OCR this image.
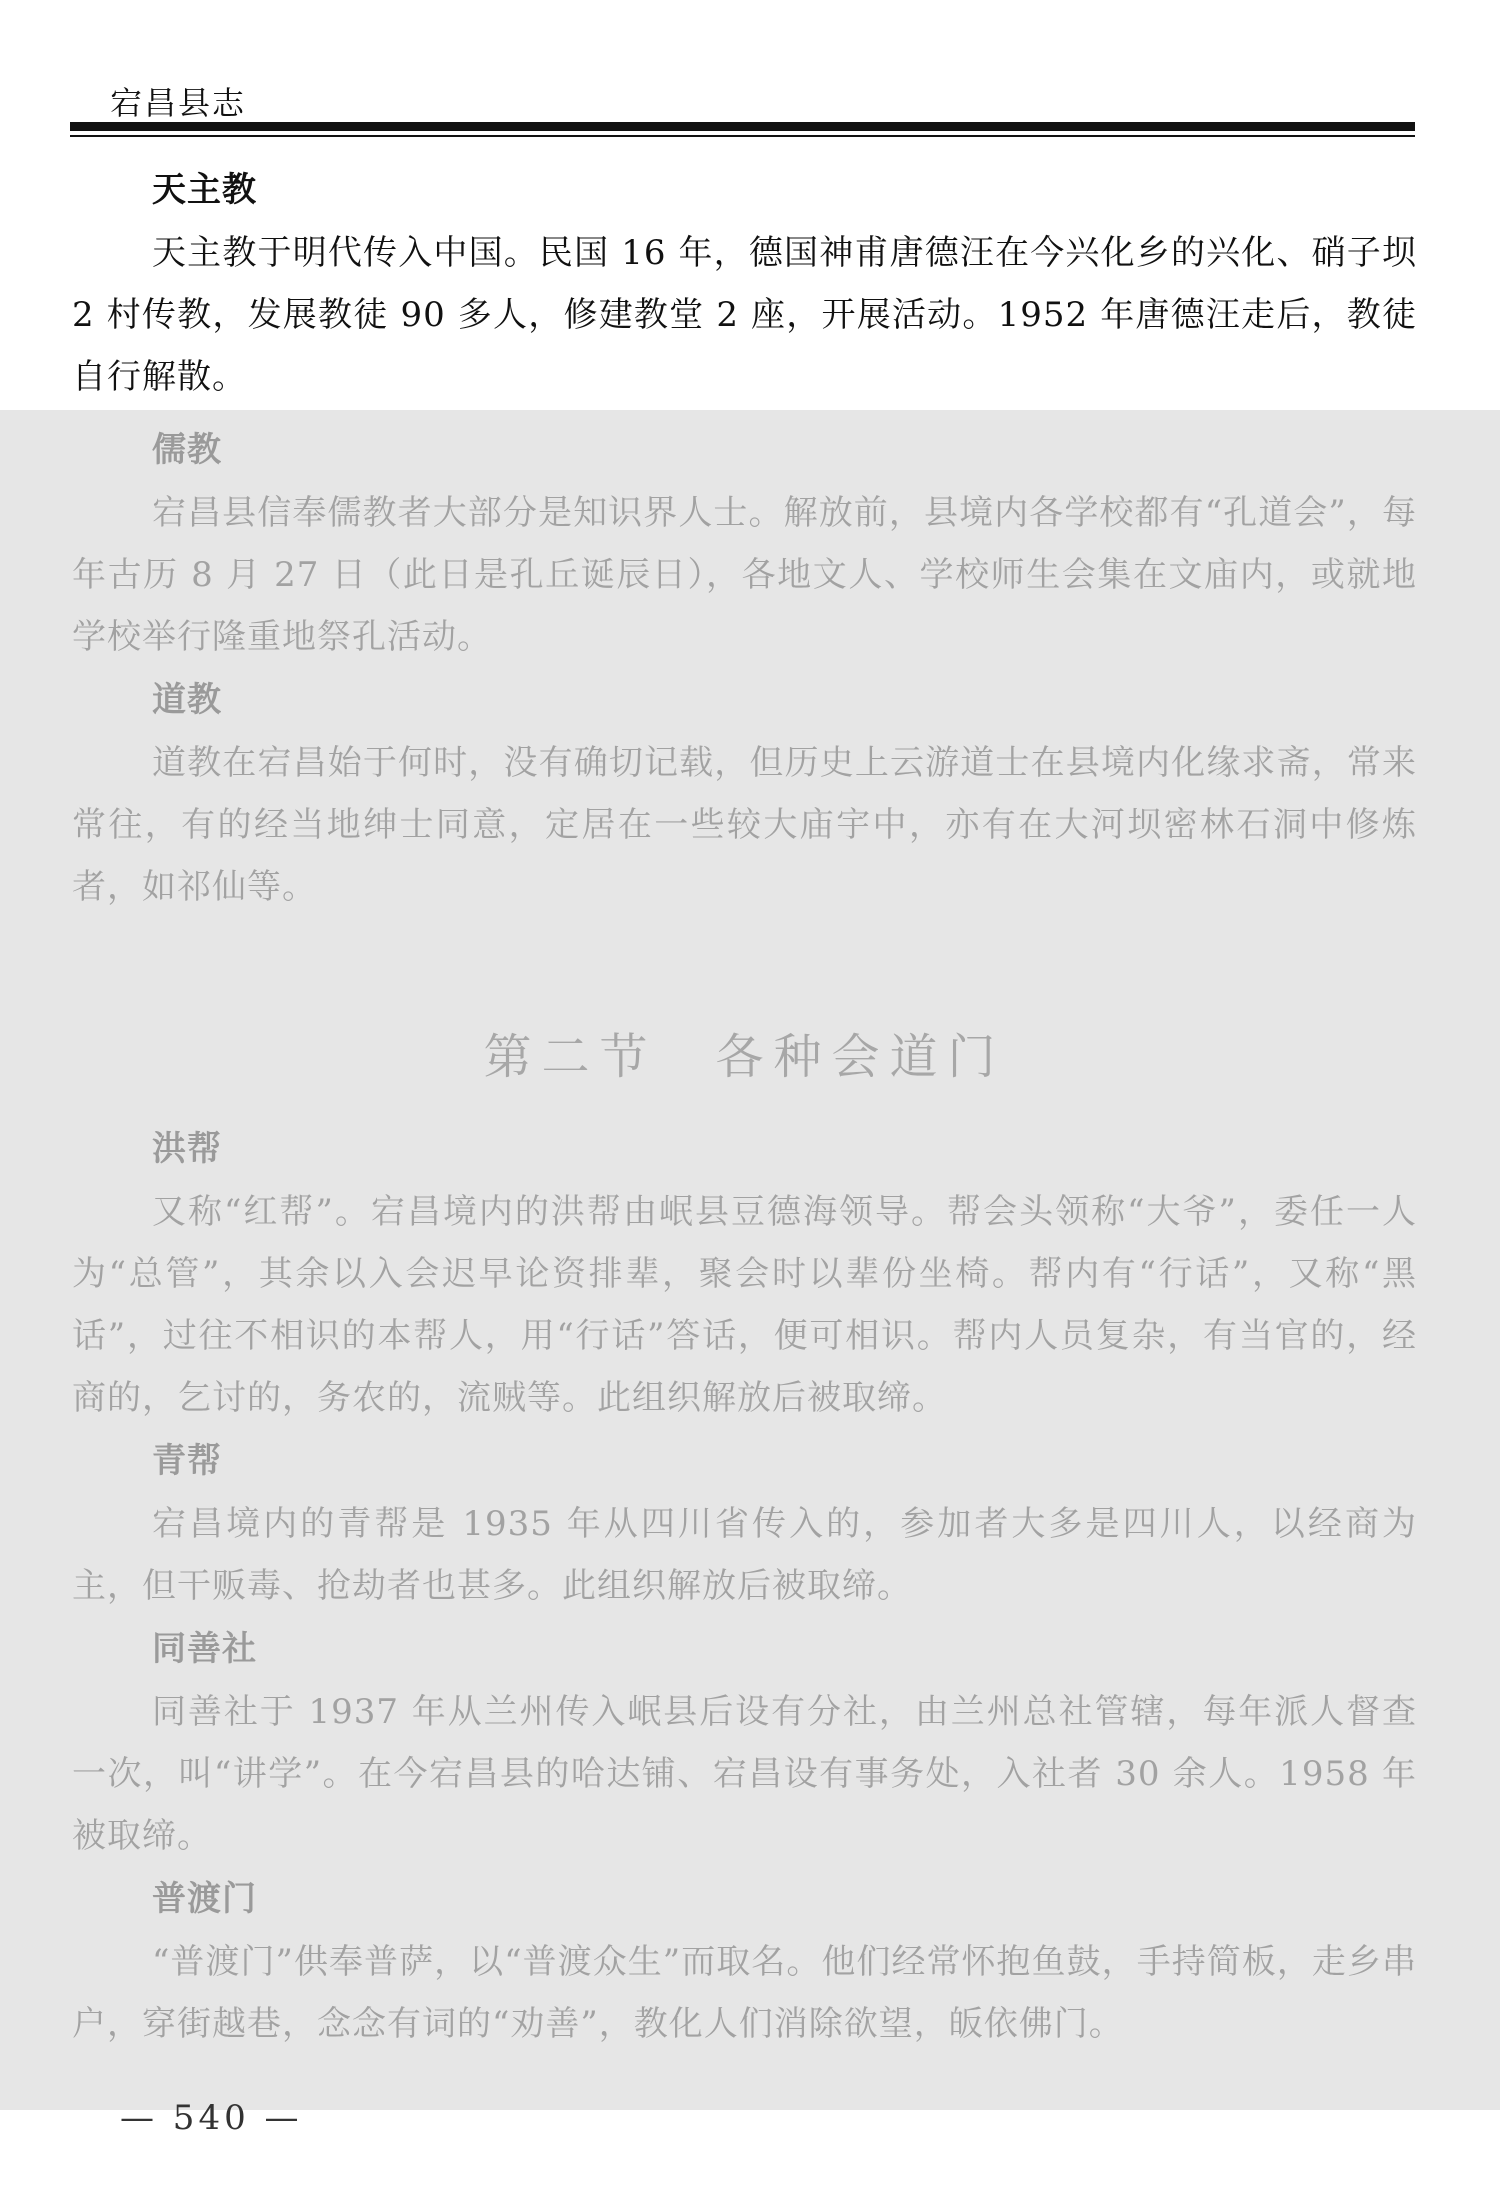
宕昌县志
天主教

天主教于明代传入中国。民国 16 年，德国神甫唐德汪在今兴化乡的兴化、硝子坝 2 村传教，发展教徒 90 多人，修建教堂 2 座，开展活动。1952 年唐德汪走后，教徒自行解散。

儒教

宕昌县信奉儒教者大部分是知识界人士。解放前，县境内各学校都有“孔道会”，每年古历 8 月 27 日（此日是孔丘诞辰日），各地文人、学校师生会集在文庙内，或就地学校举行隆重地祭孔活动。

道教

道教在宕昌始于何时，没有确切记载，但历史上云游道士在县境内化缘求斋，常来常往，有的经当地绅士同意，定居在一些较大庙宇中，亦有在大河坝密林石洞中修炼者，如祁仙等。

第二节　各种会道门
洪帮

又称“红帮”。宕昌境内的洪帮由岷县豆德海领导。帮会头领称“大爷”，委任一人为“总管”，其余以入会迟早论资排辈，聚会时以辈份坐椅。帮内有“行话”，又称“黑话”，过往不相识的本帮人，用“行话”答话，便可相识。帮内人员复杂，有当官的，经商的，乞讨的，务农的，流贼等。此组织解放后被取缔。

青帮

宕昌境内的青帮是 1935 年从四川省传入的，参加者大多是四川人，以经商为主，但干贩毒、抢劫者也甚多。此组织解放后被取缔。

同善社

同善社于 1937 年从兰州传入岷县后设有分社，由兰州总社管辖，每年派人督查一次，叫“讲学”。在今宕昌县的哈达铺、宕昌设有事务处，入社者 30 余人。1958 年被取缔。

普渡门

“普渡门”供奉普萨，以“普渡众生”而取名。他们经常怀抱鱼鼓，手持简板，走乡串户，穿街越巷，念念有词的“劝善”，教化人们消除欲望，皈依佛门。

— 540 —
